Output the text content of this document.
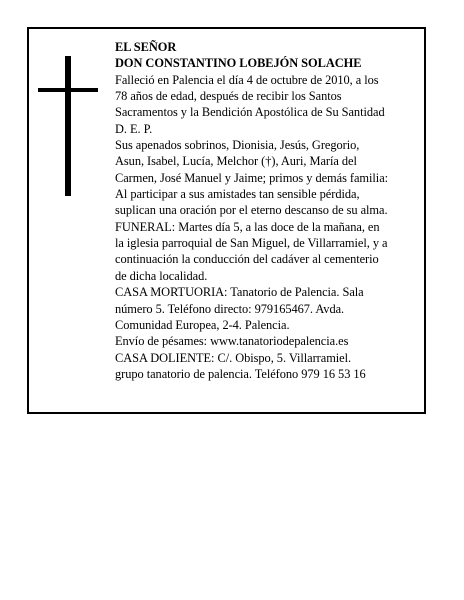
EL SEÑOR
DON CONSTANTINO LOBEJÓN SOLACHE
Falleció en Palencia el día 4 de octubre de 2010, a los
78 años de edad, después de recibir los Santos
Sacramentos y la Bendición Apostólica de Su Santidad
D. E. P.
Sus apenados sobrinos, Dionisia, Jesús, Gregorio,
Asun, Isabel, Lucía, Melchor (†), Auri, María del
Carmen, José Manuel y Jaime; primos y demás familia:
Al participar a sus amistades tan sensible pérdida,
suplican una oración por el eterno descanso de su alma.
FUNERAL: Martes día 5, a las doce de la mañana, en
la iglesia parroquial de San Miguel, de Villarramiel, y a
continuación la conducción del cadáver al cementerio
de dicha localidad.
CASA MORTUORIA: Tanatorio de Palencia. Sala
número 5. Teléfono directo: 979165467. Avda.
Comunidad Europea, 2-4. Palencia.
Envío de pésames: www.tanatoriodepalencia.es
CASA DOLIENTE: C/. Obispo, 5. Villarramiel.
grupo tanatorio de palencia. Teléfono 979 16 53 16
